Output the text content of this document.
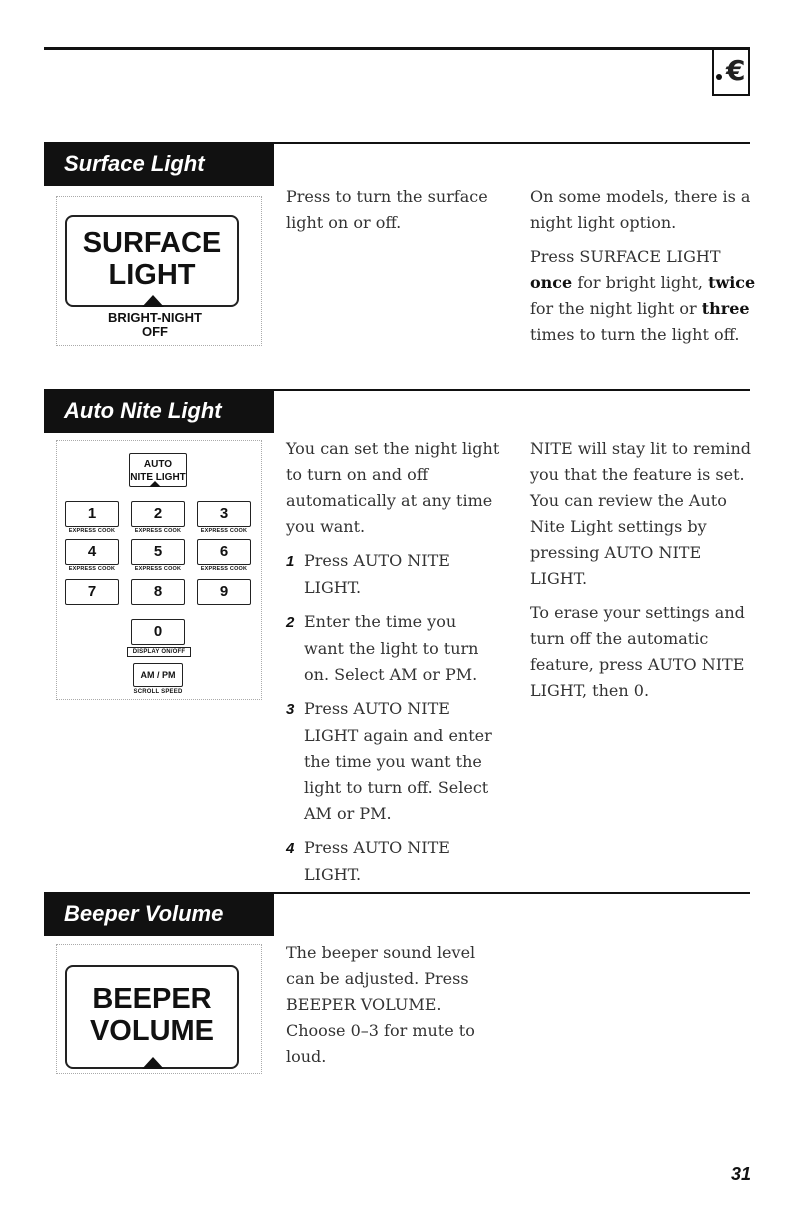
€
Surface Light
SURFACE
LIGHT
BRIGHT-NIGHT
OFF

Press to turn the surface light on or off.

On some models, there is a night light option.

Press SURFACE LIGHT once for bright light, twice for the night light or three times to turn the light off.

Auto Nite Light
AUTO
NITE LIGHT
1	2	3
EXPRESS COOK	EXPRESS COOK	EXPRESS COOK
4	5	6
EXPRESS COOK	EXPRESS COOK	EXPRESS COOK
7	8	9
0
DISPLAY ON/OFF
AM / PM
SCROLL SPEED

You can set the night light to turn on and off automatically at any time you want.

1 Press AUTO NITE LIGHT.
2 Enter the time you want the light to turn on. Select AM or PM.
3 Press AUTO NITE LIGHT again and enter the time you want the light to turn off. Select AM or PM.
4 Press AUTO NITE LIGHT.

NITE will stay lit to remind you that the feature is set. You can review the Auto Nite Light settings by pressing AUTO NITE LIGHT.

To erase your settings and turn off the automatic feature, press AUTO NITE LIGHT, then 0.

Beeper Volume
BEEPER
VOLUME

The beeper sound level can be adjusted. Press BEEPER VOLUME. Choose 0–3 for mute to loud.

31
